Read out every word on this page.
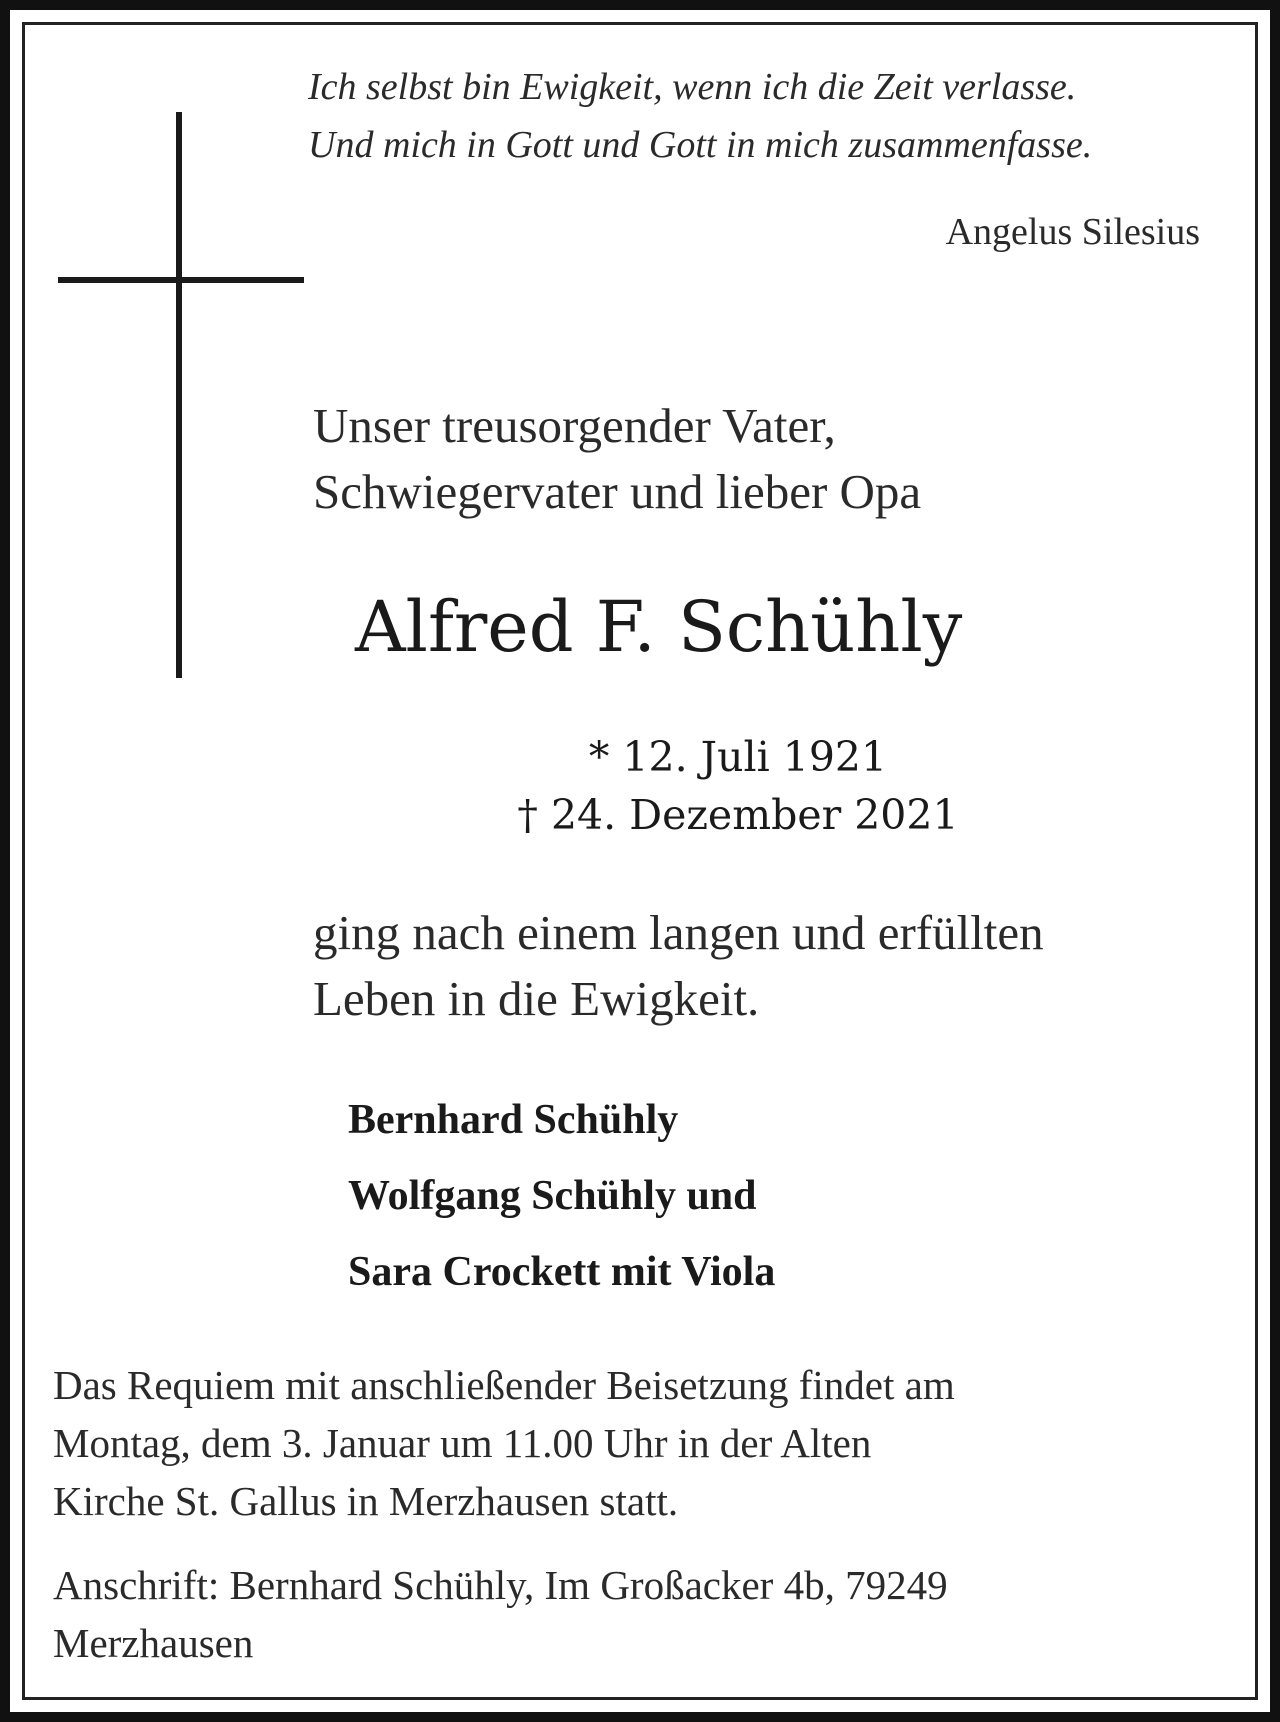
Ich selbst bin Ewigkeit, wenn ich die Zeit verlasse.
Und mich in Gott und Gott in mich zusammenfasse.
Angelus Silesius
Unser treusorgender Vater,
Schwiegervater und lieber Opa
Alfred F. Schühly
* 12. Juli 1921
† 24. Dezember 2021
ging nach einem langen und erfüllten
Leben in die Ewigkeit.
Bernhard Schühly
Wolfgang Schühly und
Sara Crockett mit Viola
Das Requiem mit anschließender Beisetzung findet am
Montag, dem 3. Januar um 11.00 Uhr in der Alten
Kirche St. Gallus in Merzhausen statt.
Anschrift: Bernhard Schühly, Im Großacker 4b, 79249
Merzhausen
